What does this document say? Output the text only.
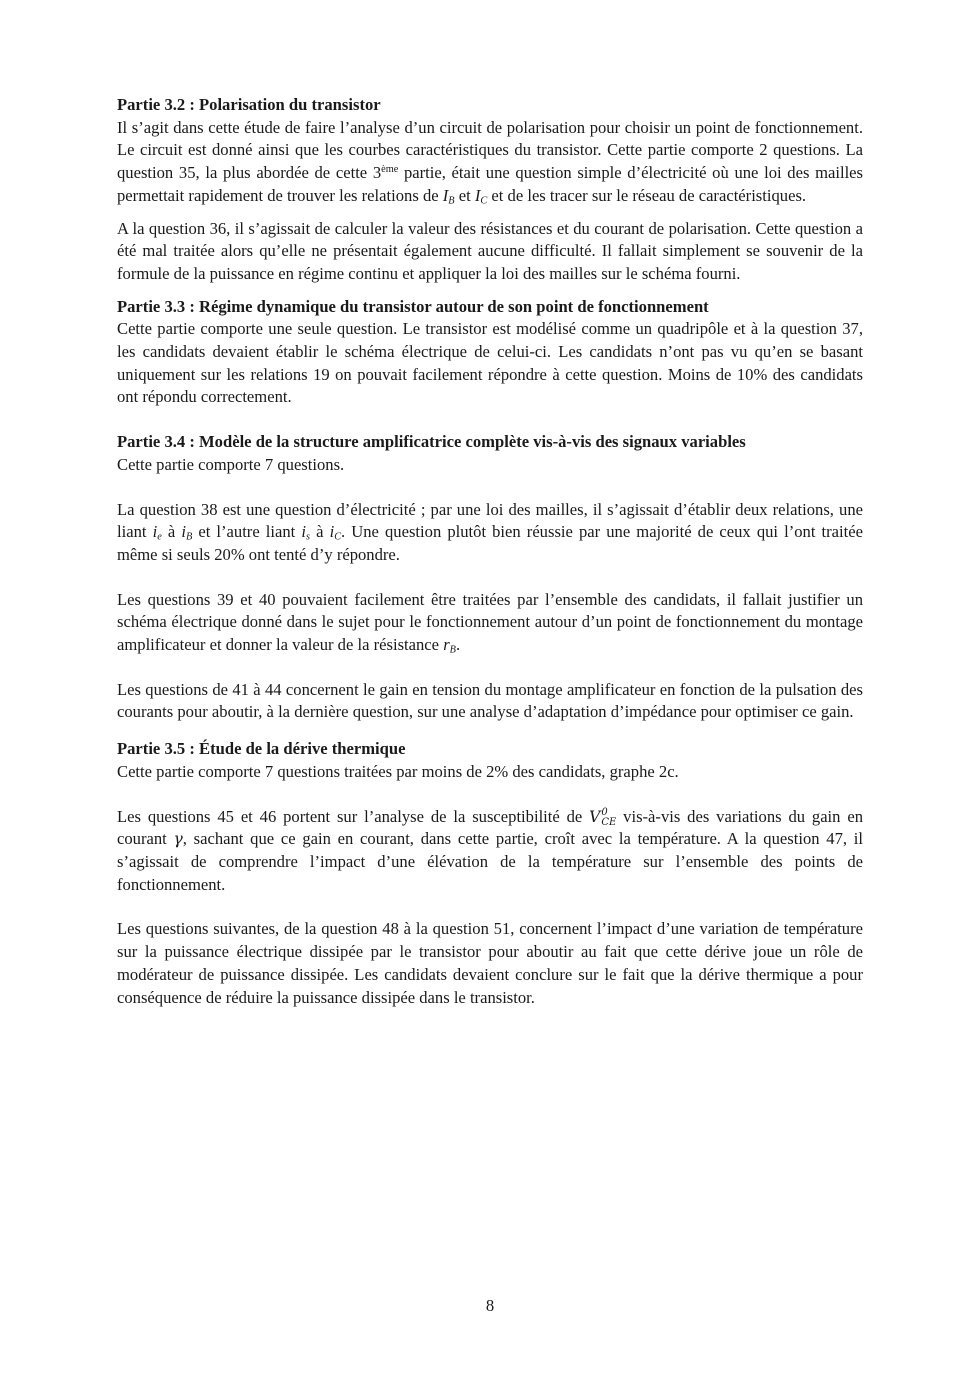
Partie 3.2 : Polarisation du transistor

Il s’agit dans cette étude de faire l’analyse d’un circuit de polarisation pour choisir un point de fonctionnement. Le circuit est donné ainsi que les courbes caractéristiques du transistor. Cette partie comporte 2 questions. La question 35, la plus abordée de cette 3ème partie, était une question simple d’électricité où une loi des mailles permettait rapidement de trouver les relations de $I_B$ et $I_C$ et de les tracer sur le réseau de caractéristiques.

A la question 36, il s’agissait de calculer la valeur des résistances et du courant de polarisation. Cette question a été mal traitée alors qu’elle ne présentait également aucune difficulté. Il fallait simplement se souvenir de la formule de la puissance en régime continu et appliquer la loi des mailles sur le schéma fourni.

Partie 3.3 : Régime dynamique du transistor autour de son point de fonctionnement

Cette partie comporte une seule question. Le transistor est modélisé comme un quadripôle et à la question 37, les candidats devaient établir le schéma électrique de celui-ci. Les candidats n’ont pas vu qu’en se basant uniquement sur les relations 19 on pouvait facilement répondre à cette question. Moins de 10% des candidats ont répondu correctement.

Partie 3.4 : Modèle de la structure amplificatrice complète vis-à-vis des signaux variables

Cette partie comporte 7 questions.

La question 38 est une question d’électricité ; par une loi des mailles, il s’agissait d’établir deux relations, une liant $i_e$ à $i_B$ et l’autre liant $i_s$ à $i_C$. Une question plutôt bien réussie par une majorité de ceux qui l’ont traitée même si seuls 20% ont tenté d’y répondre.

Les questions 39 et 40 pouvaient facilement être traitées par l’ensemble des candidats, il fallait justifier un schéma électrique donné dans le sujet pour le fonctionnement autour d’un point de fonctionnement du montage amplificateur et donner la valeur de la résistance $r_B$.

Les questions de 41 à 44 concernent le gain en tension du montage amplificateur en fonction de la pulsation des courants pour aboutir, à la dernière question, sur une analyse d’adaptation d’impédance pour optimiser ce gain.

Partie 3.5 : Étude de la dérive thermique

Cette partie comporte 7 questions traitées par moins de 2% des candidats, graphe 2c.

Les questions 45 et 46 portent sur l’analyse de la susceptibilité de V 0
CE vis-à-vis des variations du gain en courant γ, sachant que ce gain en courant, dans cette partie, croît avec la température. A la question 47, il s’agissait de comprendre l’impact d’une élévation de la température sur l’ensemble des points de fonctionnement.

Les questions suivantes, de la question 48 à la question 51, concernent l’impact d’une variation de température sur la puissance électrique dissipée par le transistor pour aboutir au fait que cette dérive joue un rôle de modérateur de puissance dissipée. Les candidats devaient conclure sur le fait que la dérive thermique a pour conséquence de réduire la puissance dissipée dans le transistor.

8
